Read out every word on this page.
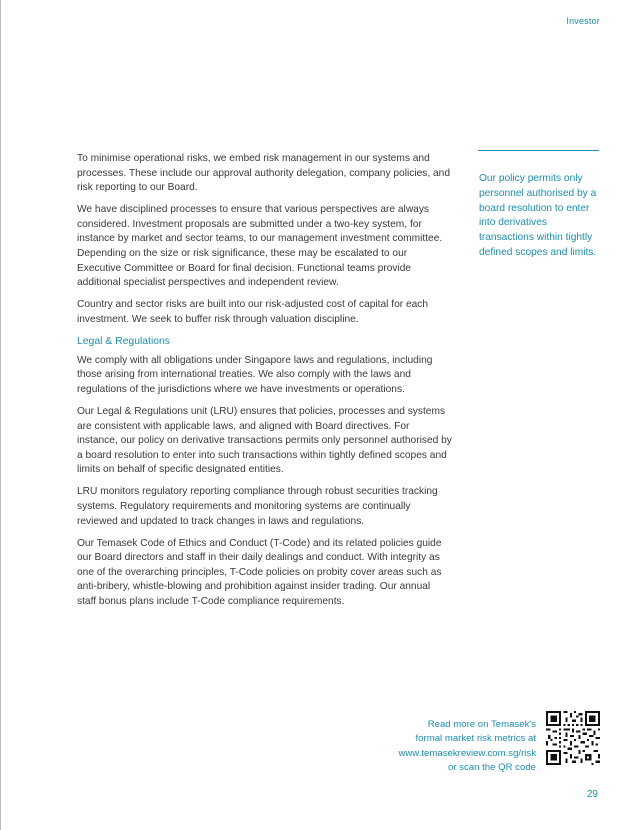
Investor

To minimise operational risks, we embed risk management in our systems and processes. These include our approval authority delegation, company policies, and risk reporting to our Board.

We have disciplined processes to ensure that various perspectives are always considered. Investment proposals are submitted under a two-key system, for instance by market and sector teams, to our management investment committee. Depending on the size or risk significance, these may be escalated to our Executive Committee or Board for final decision. Functional teams provide additional specialist perspectives and independent review.

Country and sector risks are built into our risk-adjusted cost of capital for each investment. We seek to buffer risk through valuation discipline.

Legal & Regulations

We comply with all obligations under Singapore laws and regulations, including those arising from international treaties. We also comply with the laws and regulations of the jurisdictions where we have investments or operations.

Our Legal & Regulations unit (LRU) ensures that policies, processes and systems are consistent with applicable laws, and aligned with Board directives. For instance, our policy on derivative transactions permits only personnel authorised by a board resolution to enter into such transactions within tightly defined scopes and limits on behalf of specific designated entities.

LRU monitors regulatory reporting compliance through robust securities tracking systems. Regulatory requirements and monitoring systems are continually reviewed and updated to track changes in laws and regulations.

Our Temasek Code of Ethics and Conduct (T-Code) and its related policies guide our Board directors and staff in their daily dealings and conduct. With integrity as one of the overarching principles, T-Code policies on probity cover areas such as anti-bribery, whistle-blowing and prohibition against insider trading. Our annual staff bonus plans include T-Code compliance requirements.

Our policy permits only personnel authorised by a board resolution to enter into derivatives transactions within tightly defined scopes and limits.
Read more on Temasek's
formal market risk metrics at
www.temasekreview.com.sg/risk
or scan the QR code
29
